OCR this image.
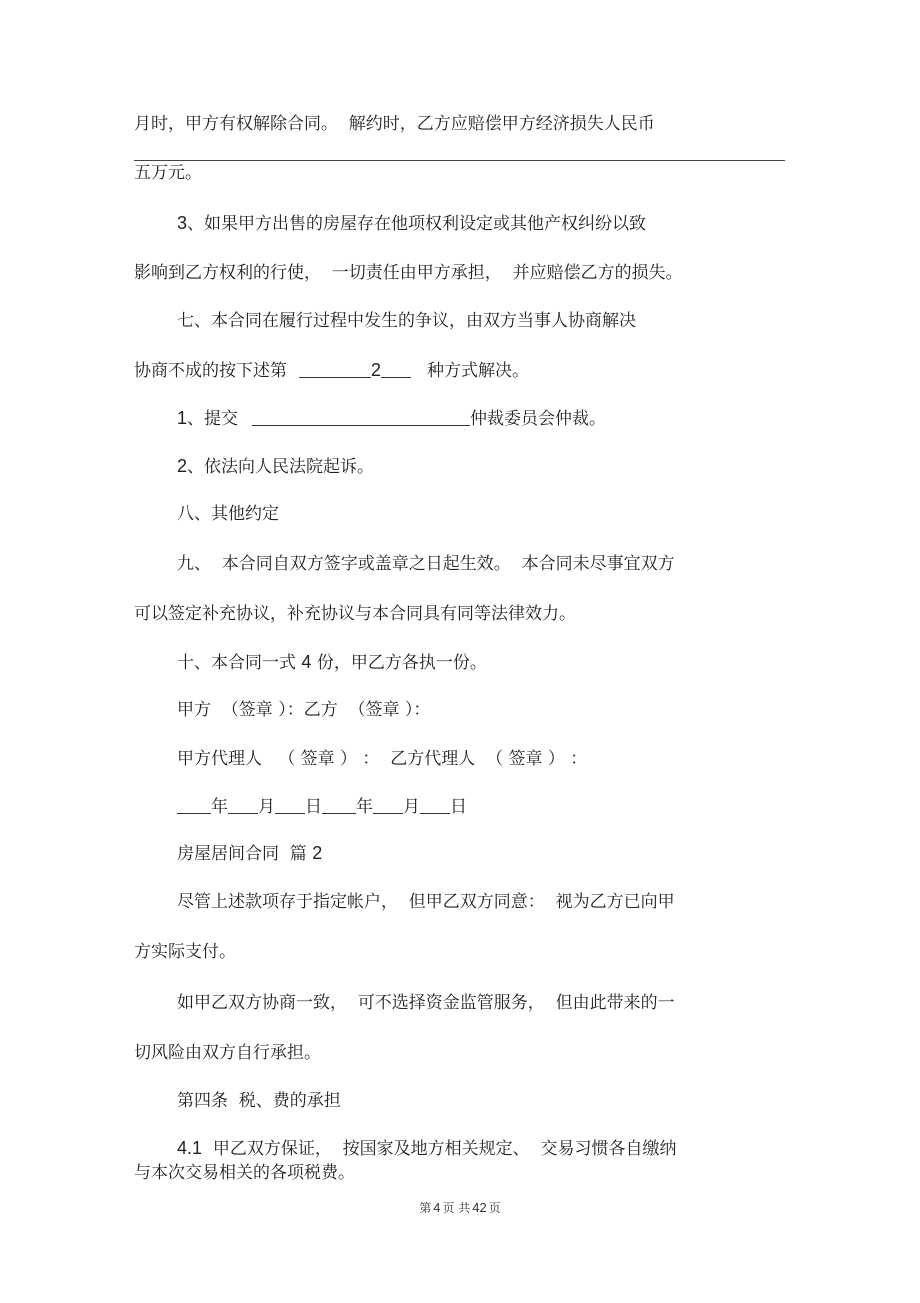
月时，甲方有权解除合同。  解约时，乙方应赔偿甲方经济损失人民币
五万元。
3、如果甲方出售的房屋存在他项权利设定或其他产权纠纷以致
影响到乙方权利的行使，  一切责任由甲方承担，  并应赔偿乙方的损失。
七、本合同在履行过程中发生的争议，由双方当事人协商解决
协商不成的按下述第	2	种方式解决。
1、提交	仲裁委员会仲裁。
2、依法向人民法院起诉。
八、其他约定
九、  本合同自双方签字或盖章之日起生效。  本合同未尽事宜双方
可以签定补充协议，补充协议与本合同具有同等法律效力。
十、本合同一式 4 份，甲乙方各执一份。
甲方  （签章 ）：乙方  （签章 ）：
甲方代理人   （ 签章 ） ：  乙方代理人  （ 签章 ） ：
年 月 日 年 月 日
房屋居间合同  篇 2
尽管上述款项存于指定帐户，  但甲乙双方同意：  视为乙方已向甲
方实际支付。
如甲乙双方协商一致，  可不选择资金监管服务，  但由此带来的一
切风险由双方自行承担。
第四条  税、费的承担
4.1  甲乙双方保证，  按国家及地方相关规定、  交易习惯各自缴纳
与本次交易相关的各项税费。
第 4 页 共 42 页
